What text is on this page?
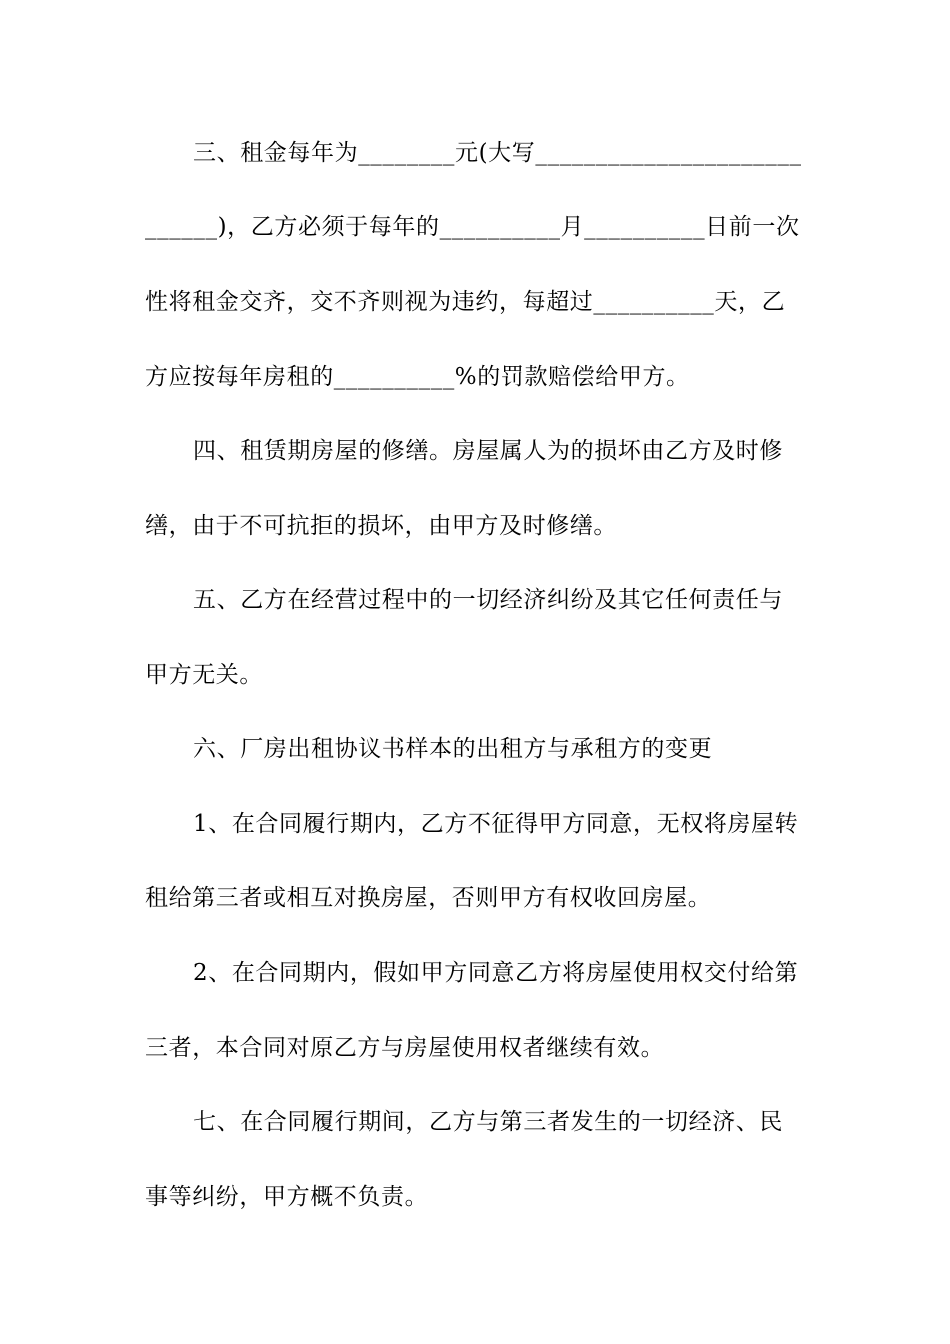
三、租金每年为________元(大写______________________
______)，乙方必须于每年的__________月__________日前一次
性将租金交齐，交不齐则视为违约，每超过__________天，乙
方应按每年房租的__________%的罚款赔偿给甲方。
四、租赁期房屋的修缮。房屋属人为的损坏由乙方及时修
缮，由于不可抗拒的损坏，由甲方及时修缮。
五、乙方在经营过程中的一切经济纠纷及其它任何责任与
甲方无关。
六、厂房出租协议书样本的出租方与承租方的变更
1、在合同履行期内，乙方不征得甲方同意，无权将房屋转
租给第三者或相互对换房屋，否则甲方有权收回房屋。
2、在合同期内，假如甲方同意乙方将房屋使用权交付给第
三者，本合同对原乙方与房屋使用权者继续有效。
七、在合同履行期间，乙方与第三者发生的一切经济、民
事等纠纷，甲方概不负责。
